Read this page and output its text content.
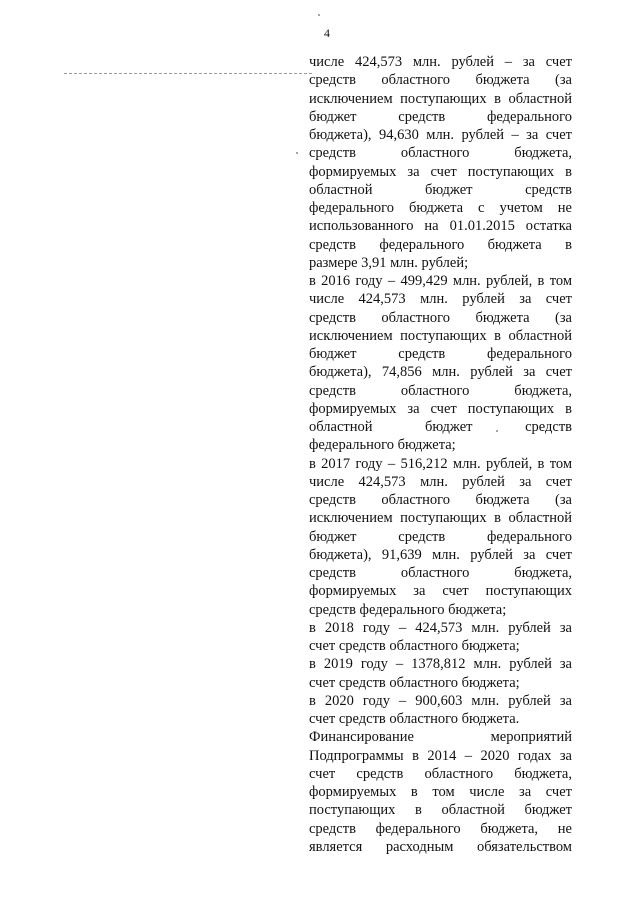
4
числе 424,573 млн. рублей – за счет
средств областного бюджета (за
исключением поступающих в областной
бюджет средств федерального
бюджета), 94,630 млн. рублей – за счет
средств областного бюджета,
формируемых за счет поступающих в
областной бюджет средств
федерального бюджета с учетом не
использованного на 01.01.2015 остатка
средств федерального бюджета в
размере 3,91 млн. рублей;
в 2016 году – 499,429 млн. рублей, в том
числе 424,573 млн. рублей за счет
средств областного бюджета (за
исключением поступающих в областной
бюджет средств федерального
бюджета), 74,856 млн. рублей за счет
средств областного бюджета,
формируемых за счет поступающих в
областной бюджет средств
федерального бюджета;
в 2017 году – 516,212 млн. рублей, в том
числе 424,573 млн. рублей за счет
средств областного бюджета (за
исключением поступающих в областной
бюджет средств федерального
бюджета), 91,639 млн. рублей за счет
средств областного бюджета,
формируемых за счет поступающих
средств федерального бюджета;
в 2018 году – 424,573 млн. рублей за
счет средств областного бюджета;
в 2019 году – 1378,812 млн. рублей за
счет средств областного бюджета;
в 2020 году – 900,603 млн. рублей за
счет средств областного бюджета.
Финансирование мероприятий
Подпрограммы в 2014 – 2020 годах за
счет средств областного бюджета,
формируемых в том числе за счет
поступающих в областной бюджет
средств федерального бюджета, не
является расходным обязательством
